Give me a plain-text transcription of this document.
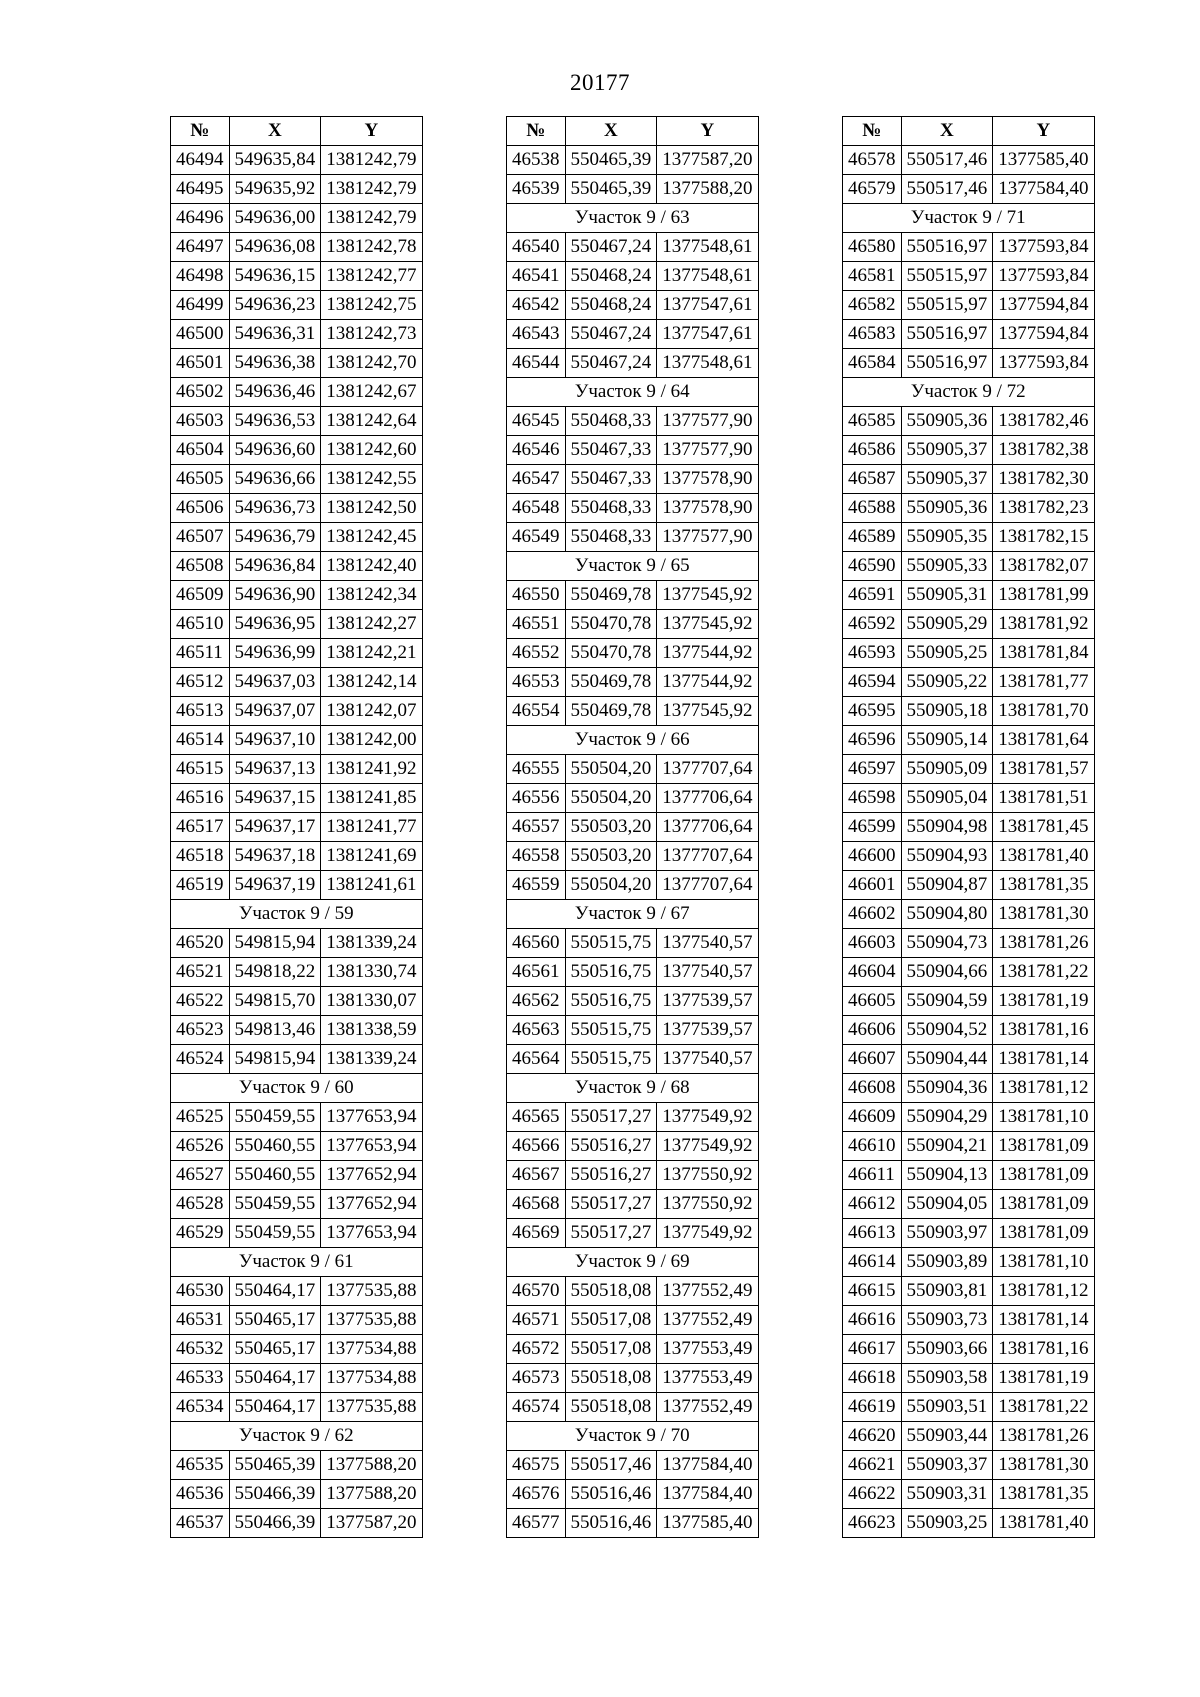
20177
№	X	Y
46494	549635,84	1381242,79
46495	549635,92	1381242,79
46496	549636,00	1381242,79
46497	549636,08	1381242,78
46498	549636,15	1381242,77
46499	549636,23	1381242,75
46500	549636,31	1381242,73
46501	549636,38	1381242,70
46502	549636,46	1381242,67
46503	549636,53	1381242,64
46504	549636,60	1381242,60
46505	549636,66	1381242,55
46506	549636,73	1381242,50
46507	549636,79	1381242,45
46508	549636,84	1381242,40
46509	549636,90	1381242,34
46510	549636,95	1381242,27
46511	549636,99	1381242,21
46512	549637,03	1381242,14
46513	549637,07	1381242,07
46514	549637,10	1381242,00
46515	549637,13	1381241,92
46516	549637,15	1381241,85
46517	549637,17	1381241,77
46518	549637,18	1381241,69
46519	549637,19	1381241,61
Участок 9 / 59		
46520	549815,94	1381339,24
46521	549818,22	1381330,74
46522	549815,70	1381330,07
46523	549813,46	1381338,59
46524	549815,94	1381339,24
Участок 9 / 60		
46525	550459,55	1377653,94
46526	550460,55	1377653,94
46527	550460,55	1377652,94
46528	550459,55	1377652,94
46529	550459,55	1377653,94
Участок 9 / 61		
46530	550464,17	1377535,88
46531	550465,17	1377535,88
46532	550465,17	1377534,88
46533	550464,17	1377534,88
46534	550464,17	1377535,88
Участок 9 / 62		
46535	550465,39	1377588,20
46536	550466,39	1377588,20
46537	550466,39	1377587,20
№	X	Y
46538	550465,39	1377587,20
46539	550465,39	1377588,20
Участок 9 / 63		
46540	550467,24	1377548,61
46541	550468,24	1377548,61
46542	550468,24	1377547,61
46543	550467,24	1377547,61
46544	550467,24	1377548,61
Участок 9 / 64		
46545	550468,33	1377577,90
46546	550467,33	1377577,90
46547	550467,33	1377578,90
46548	550468,33	1377578,90
46549	550468,33	1377577,90
Участок 9 / 65		
46550	550469,78	1377545,92
46551	550470,78	1377545,92
46552	550470,78	1377544,92
46553	550469,78	1377544,92
46554	550469,78	1377545,92
Участок 9 / 66		
46555	550504,20	1377707,64
46556	550504,20	1377706,64
46557	550503,20	1377706,64
46558	550503,20	1377707,64
46559	550504,20	1377707,64
Участок 9 / 67		
46560	550515,75	1377540,57
46561	550516,75	1377540,57
46562	550516,75	1377539,57
46563	550515,75	1377539,57
46564	550515,75	1377540,57
Участок 9 / 68		
46565	550517,27	1377549,92
46566	550516,27	1377549,92
46567	550516,27	1377550,92
46568	550517,27	1377550,92
46569	550517,27	1377549,92
Участок 9 / 69		
46570	550518,08	1377552,49
46571	550517,08	1377552,49
46572	550517,08	1377553,49
46573	550518,08	1377553,49
46574	550518,08	1377552,49
Участок 9 / 70		
46575	550517,46	1377584,40
46576	550516,46	1377584,40
46577	550516,46	1377585,40
№	X	Y
46578	550517,46	1377585,40
46579	550517,46	1377584,40
Участок 9 / 71		
46580	550516,97	1377593,84
46581	550515,97	1377593,84
46582	550515,97	1377594,84
46583	550516,97	1377594,84
46584	550516,97	1377593,84
Участок 9 / 72		
46585	550905,36	1381782,46
46586	550905,37	1381782,38
46587	550905,37	1381782,30
46588	550905,36	1381782,23
46589	550905,35	1381782,15
46590	550905,33	1381782,07
46591	550905,31	1381781,99
46592	550905,29	1381781,92
46593	550905,25	1381781,84
46594	550905,22	1381781,77
46595	550905,18	1381781,70
46596	550905,14	1381781,64
46597	550905,09	1381781,57
46598	550905,04	1381781,51
46599	550904,98	1381781,45
46600	550904,93	1381781,40
46601	550904,87	1381781,35
46602	550904,80	1381781,30
46603	550904,73	1381781,26
46604	550904,66	1381781,22
46605	550904,59	1381781,19
46606	550904,52	1381781,16
46607	550904,44	1381781,14
46608	550904,36	1381781,12
46609	550904,29	1381781,10
46610	550904,21	1381781,09
46611	550904,13	1381781,09
46612	550904,05	1381781,09
46613	550903,97	1381781,09
46614	550903,89	1381781,10
46615	550903,81	1381781,12
46616	550903,73	1381781,14
46617	550903,66	1381781,16
46618	550903,58	1381781,19
46619	550903,51	1381781,22
46620	550903,44	1381781,26
46621	550903,37	1381781,30
46622	550903,31	1381781,35
46623	550903,25	1381781,40
